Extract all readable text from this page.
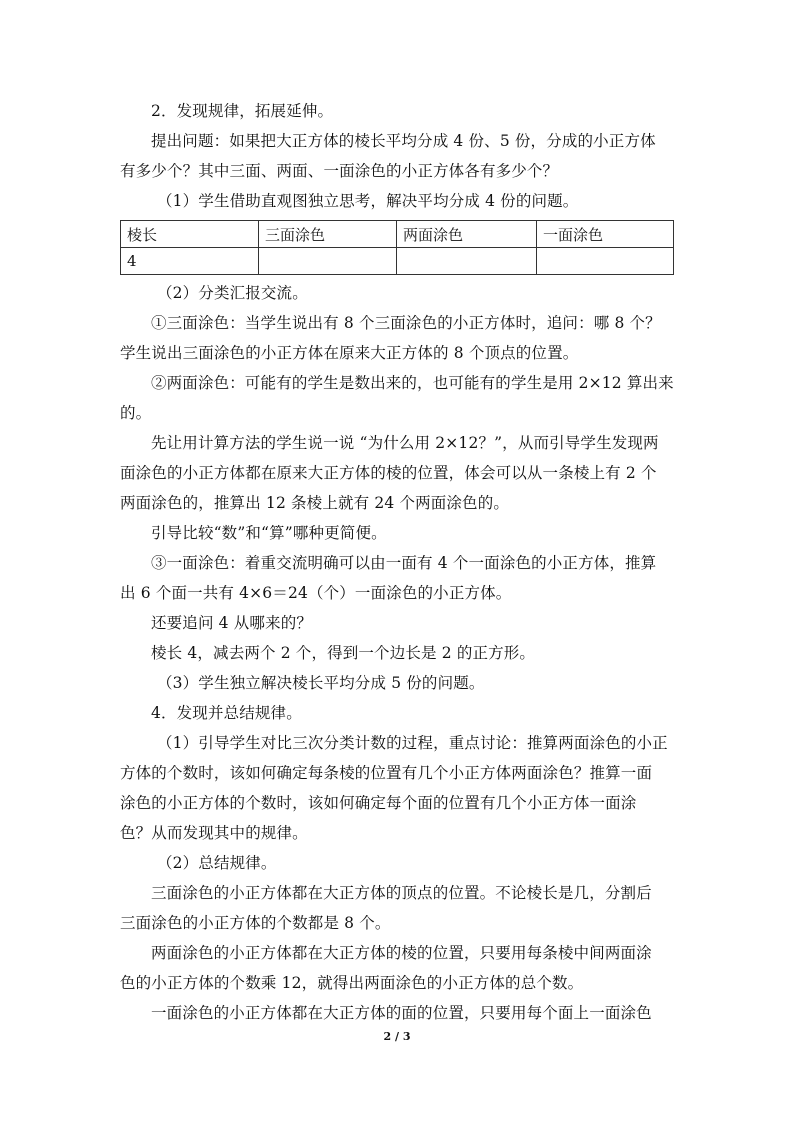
2．发现规律，拓展延伸。

提出问题：如果把大正方体的棱长平均分成 4 份、5 份，分成的小正方体

有多少个？其中三面、两面、一面涂色的小正方体各有多少个？

（1）学生借助直观图独立思考，解决平均分成 4 份的问题。

棱长	三面涂色	两面涂色	一面涂色
4			

（2）分类汇报交流。

①三面涂色：当学生说出有 8 个三面涂色的小正方体时，追问：哪 8 个？

学生说出三面涂色的小正方体在原来大正方体的 8 个顶点的位置。

②两面涂色：可能有的学生是数出来的，也可能有的学生是用 2×12 算出来

的。

先让用计算方法的学生说一说 “为什么用 2×12？”，从而引导学生发现两

面涂色的小正方体都在原来大正方体的棱的位置，体会可以从一条棱上有 2 个

两面涂色的，推算出 12 条棱上就有 24 个两面涂色的。

引导比较“数”和“算”哪种更简便。

③一面涂色：着重交流明确可以由一面有 4 个一面涂色的小正方体，推算

出 6 个面一共有 4×6＝24（个）一面涂色的小正方体。

还要追问 4 从哪来的？

棱长 4，减去两个 2 个，得到一个边长是 2 的正方形。

（3）学生独立解决棱长平均分成 5 份的问题。

4．发现并总结规律。

（1）引导学生对比三次分类计数的过程，重点讨论：推算两面涂色的小正

方体的个数时，该如何确定每条棱的位置有几个小正方体两面涂色？推算一面

涂色的小正方体的个数时，该如何确定每个面的位置有几个小正方体一面涂

色？从而发现其中的规律。

（2）总结规律。

三面涂色的小正方体都在大正方体的顶点的位置。不论棱长是几，分割后

三面涂色的小正方体的个数都是 8 个。

两面涂色的小正方体都在大正方体的棱的位置，只要用每条棱中间两面涂

色的小正方体的个数乘 12，就得出两面涂色的小正方体的总个数。

一面涂色的小正方体都在大正方体的面的位置，只要用每个面上一面涂色

2 / 3
